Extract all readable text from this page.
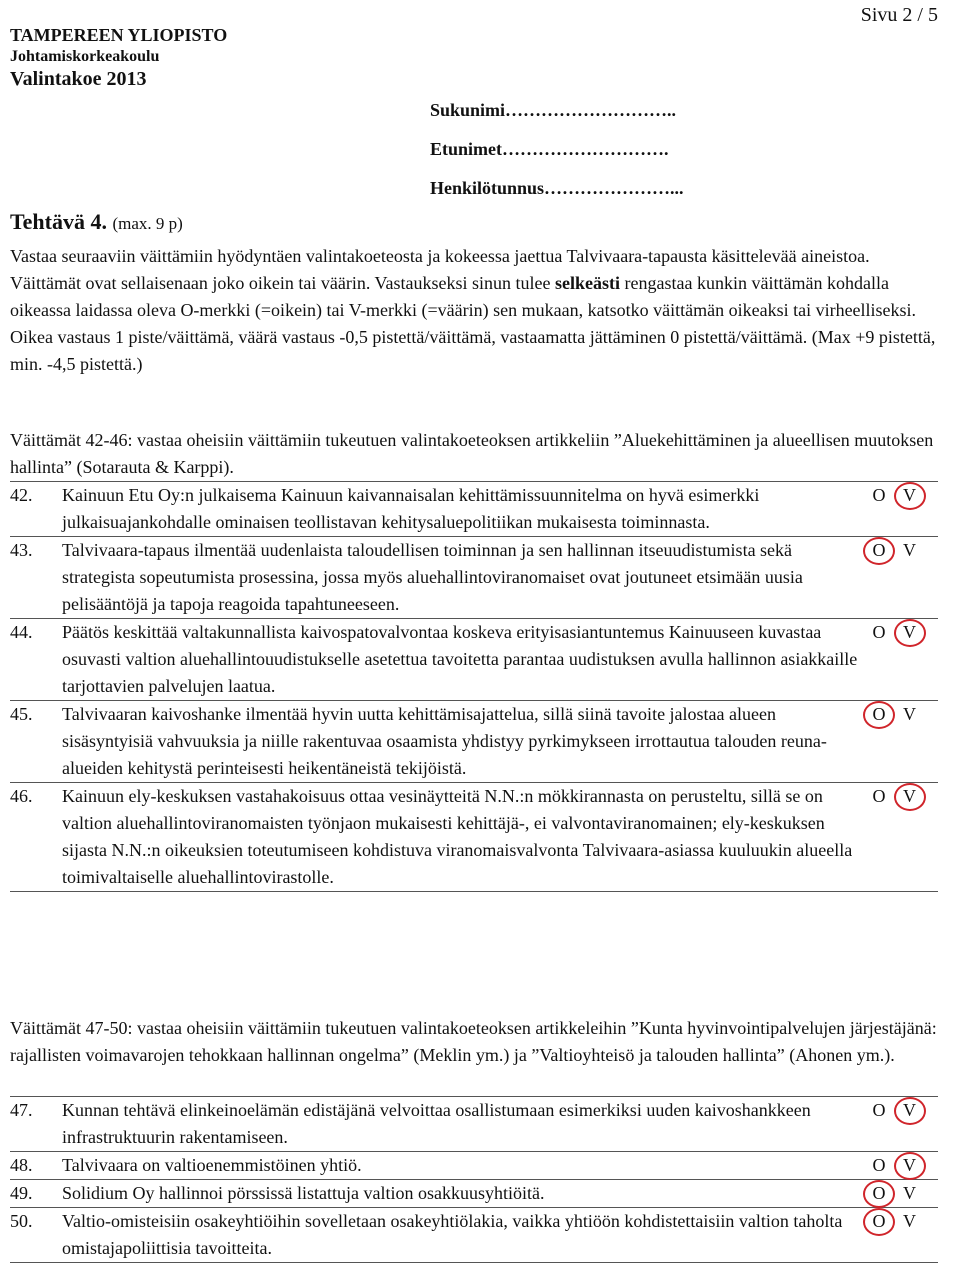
Sivu 2 / 5
TAMPEREEN YLIOPISTO
Johtamiskorkeakoulu
Valintakoe 2013
Sukunimi………………………..
Etunimet……………………….
Henkilötunnus…………………...
Tehtävä 4. (max. 9 p)
Vastaa seuraaviin väittämiin hyödyntäen valintakoeteosta ja kokeessa jaettua Talvivaara-tapausta käsittelevää aineistoa. Väittämät ovat sellaisenaan joko oikein tai väärin. Vastaukseksi sinun tulee selkeästi rengastaa kunkin väittämän kohdalla oikeassa laidassa oleva O-merkki (=oikein) tai V-merkki (=väärin) sen mukaan, katsotko väittämän oikeaksi tai virheelliseksi. Oikea vastaus 1 piste/väittämä, väärä vastaus -0,5 pistettä/väittämä, vastaamatta jättäminen 0 pistettä/väittämä. (Max +9 pistettä, min. -4,5 pistettä.)
Väittämät 42-46: vastaa oheisiin väittämiin tukeutuen valintakoeteoksen artikkeliin ”Aluekehittäminen ja alueellisen muutoksen hallinta” (Sotarauta & Karppi).
42.	Kainuun Etu Oy:n julkaisema Kainuun kaivannaisalan kehittämissuunnitelma on hyvä esimerkki julkaisuajankohdalle ominaisen teollistavan kehitysaluepolitiikan mukaisesta toiminnasta.	O V
43.	Talvivaara-tapaus ilmentää uudenlaista taloudellisen toiminnan ja sen hallinnan itseuudistumista sekä strategista sopeutumista prosessina, jossa myös aluehallintoviranomaiset ovat joutuneet etsimään uusia pelisääntöjä ja tapoja reagoida tapahtuneeseen.	O V
44.	Päätös keskittää valtakunnallista kaivospatovalvontaa koskeva erityisasiantuntemus Kainuuseen kuvastaa osuvasti valtion aluehallintouudistukselle asetettua tavoitetta parantaa uudistuksen avulla hallinnon asiakkaille tarjottavien palvelujen laatua.	O V
45.	Talvivaaran kaivoshanke ilmentää hyvin uutta kehittämisajattelua, sillä siinä tavoite jalostaa alueen sisäsyntyisiä vahvuuksia ja niille rakentuvaa osaamista yhdistyy pyrkimykseen irrottautua talouden reuna-alueiden kehitystä perinteisesti heikentäneistä tekijöistä.	O V
46.	Kainuun ely-keskuksen vastahakoisuus ottaa vesinäytteitä N.N.:n mökkirannasta on perusteltu, sillä se on valtion aluehallintoviranomaisten työnjaon mukaisesti kehittäjä-, ei valvontaviranomainen; ely-keskuksen sijasta N.N.:n oikeuksien toteutumiseen kohdistuva viranomaisvalvonta Talvivaara-asiassa kuuluukin alueella toimivaltaiselle aluehallintovirastolle.	O V
Väittämät 47-50: vastaa oheisiin väittämiin tukeutuen valintakoeteoksen artikkeleihin ”Kunta hyvinvointipalvelujen järjestäjänä: rajallisten voimavarojen tehokkaan hallinnan ongelma” (Meklin ym.) ja ”Valtioyhteisö ja talouden hallinta” (Ahonen ym.).
47.	Kunnan tehtävä elinkeinoelämän edistäjänä velvoittaa osallistumaan esimerkiksi uuden kaivoshankkeen infrastruktuurin rakentamiseen.	O V
48.	Talvivaara on valtioenemmistöinen yhtiö.	O V
49.	Solidium Oy hallinnoi pörssissä listattuja valtion osakkuusyhtiöitä.	O V
50.	Valtio-omisteisiin osakeyhtiöihin sovelletaan osakeyhtiölakia, vaikka yhtiöön kohdistettaisiin valtion taholta omistajapoliittisia tavoitteita.	O V
